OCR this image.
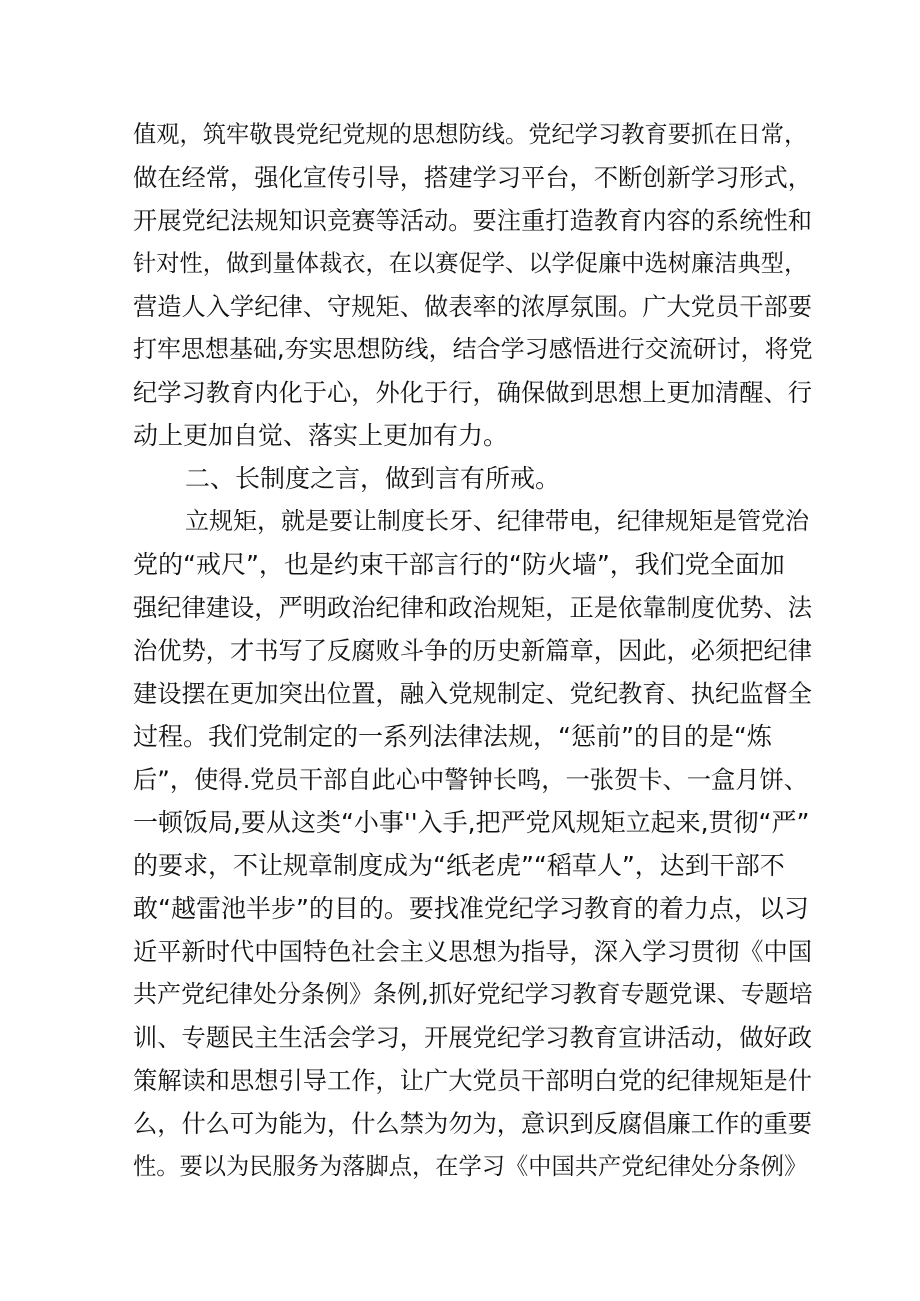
值观，筑牢敬畏党纪党规的思想防线。党纪学习教育要抓在日常，

做在经常，强化宣传引导，搭建学习平台，不断创新学习形式，

开展党纪法规知识竞赛等活动。要注重打造教育内容的系统性和

针对性，做到量体裁衣，在以赛促学、以学促廉中选树廉洁典型，

营造人入学纪律、守规矩、做表率的浓厚氛围。广大党员干部要

打牢思想基础,夯实思想防线，结合学习感悟进行交流研讨，将党

纪学习教育内化于心，外化于行，确保做到思想上更加清醒、行

动上更加自觉、落实上更加有力。

二、长制度之言，做到言有所戒。

立规矩，就是要让制度长牙、纪律带电，纪律规矩是管党治

党的“戒尺”，也是约束干部言行的“防火墙”，我们党全面加

强纪律建设，严明政治纪律和政治规矩，正是依靠制度优势、法

治优势，才书写了反腐败斗争的历史新篇章，因此，必须把纪律

建设摆在更加突出位置，融入党规制定、党纪教育、执纪监督全

过程。我们党制定的一系列法律法规，“惩前”的目的是“炼

后”，使得.党员干部自此心中警钟长鸣，一张贺卡、一盒月饼、

一顿饭局,要从这类“小事''入手,把严党风规矩立起来,贯彻“严”

的要求，不让规章制度成为“纸老虎”“稻草人”，达到干部不

敢“越雷池半步”的目的。要找准党纪学习教育的着力点，以习

近平新时代中国特色社会主义思想为指导，深入学习贯彻《中国

共产党纪律处分条例》条例,抓好党纪学习教育专题党课、专题培

训、专题民主生活会学习，开展党纪学习教育宣讲活动，做好政

策解读和思想引导工作，让广大党员干部明白党的纪律规矩是什

么，什么可为能为，什么禁为勿为，意识到反腐倡廉工作的重要

性。要以为民服务为落脚点，在学习《中国共产党纪律处分条例》
